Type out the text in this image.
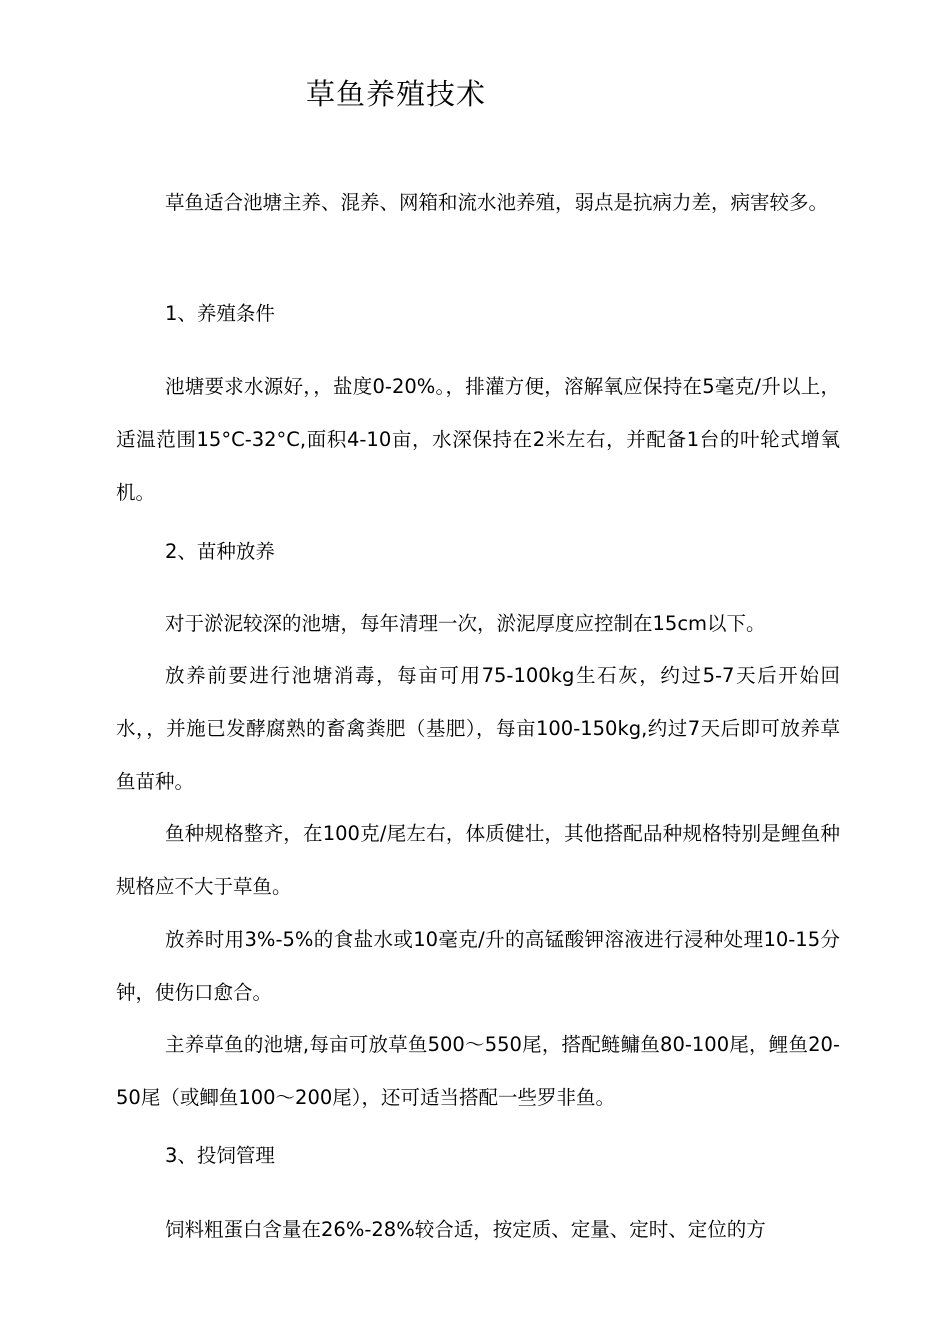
草鱼养殖技术

草鱼适合池塘主养、混养、网箱和流水池养殖，弱点是抗病力差，病害较多。

1、养殖条件

池塘要求水源好，，盐度0-20%。，排灌方便，溶解氧应保持在5毫克/升以上，适温范围15°C-32°C,面积4-10亩，水深保持在2米左右，并配备1台的叶轮式增氧机。

2、苗种放养

对于淤泥较深的池塘，每年清理一次，淤泥厚度应控制在15cm以下。

放养前要进行池塘消毒，每亩可用75-100kg生石灰，约过5-7天后开始回水，，并施已发酵腐熟的畜禽粪肥（基肥），每亩100-150kg,约过7天后即可放养草鱼苗种。

鱼种规格整齐，在100克/尾左右，体质健壮，其他搭配品种规格特别是鲤鱼种规格应不大于草鱼。

放养时用3%-5%的食盐水或10毫克/升的高锰酸钾溶液进行浸种处理10-15分钟，使伤口愈合。

主养草鱼的池塘,每亩可放草鱼500〜550尾，搭配鲢鳙鱼80-100尾，鲤鱼20-50尾（或鲫鱼100〜200尾），还可适当搭配一些罗非鱼。

3、投饲管理

饲料粗蛋白含量在26%-28%较合适，按定质、定量、定时、定位的方
